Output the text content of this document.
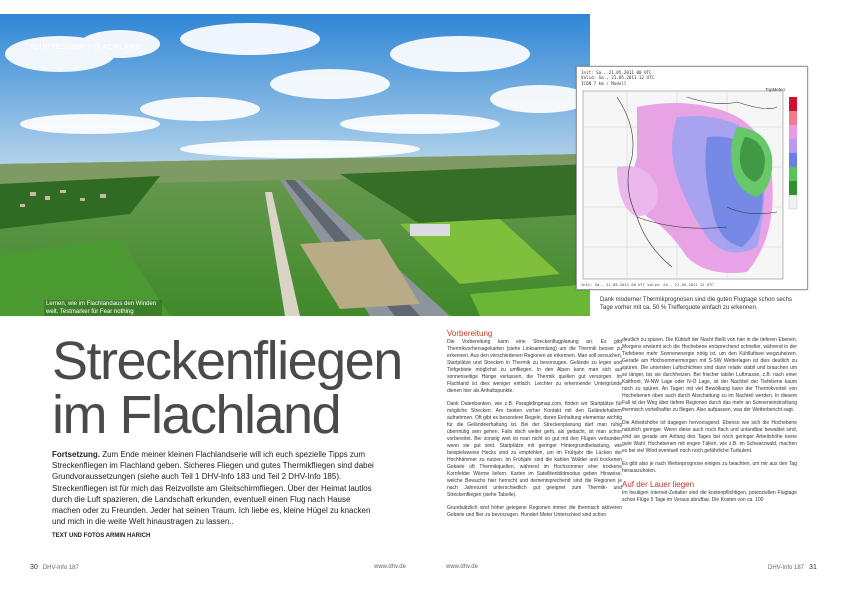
FLUGTECHNIK | FLACHLAND
Lernen, wie im Flachlandaus den Winden welt. Testmarker für Fear nothing
Init: Sa., 21.05.2011 00 UTC
Valid: Sa., 21.05.2011 12 UTC
ICON 7 km / Modell
TopMeteo
Init: Sa., 21.05.2011 00 UTC Valid: So., 21.05.2011 12 UTC
Dank moderner Thermikprognosen sind die guten Flugtage schon sechs Tage vorher mit ca. 50 % Trefferquote einfach zu erkennen.
Streckenfliegen
im Flachland

Fortsetzung. Zum Ende meiner kleinen Flachlandserie will ich euch spezielle Tipps zum Streckenfliegen im Flachland geben. Sicheres Fliegen und gutes Thermikfliegen sind dabei Grundvoraussetzungen (siehe auch Teil 1 DHV-Info 183 und Teil 2 DHV-Info 185). Streckenfliegen ist für mich das Reizvollste am Gleitschirmfliegen. Über der Heimat lautlos durch die Luft spazieren, die Landschaft erkunden, eventuell einen Flug nach Hause machen oder zu Freunden. Jeder hat seinen Traum. Ich liebe es, kleine Hügel zu knacken und mich in die weite Welt hinaustragen zu lassen..

TEXT UND FOTOS ARMIN HARICH
Vorbereitung

Die Vorbereitung kann eine Streckenflugplanung an. Es gibt Thermikvorhersagekarten (siehe Linksammlung) um die Thermik besser zu erkennen. Aus den verschiedenen Regionen an erkennen. Man soll versuchen, Startplätze und Strecken in Thermik zu bevorzugen. Gelände zu legen und Tiefgebiete möglichst zu umfliegen. In den Alpen kann man sich auf sonnenseitige Hänge verlassen, die Thermik quellen gut versorgen. Im Flachland ist dies weniger einfach. Leichter zu erkennende Untergründe dienen hier als Anhaltspunkte.

Dank Datenbanken, wie z.B. Paraglidingmap.com, finden wir Startplätze für mögliche Strecken. Am besten vorher Kontakt mit den Geländehaltern aufnehmen. Oft gibt es besondere Regeln, deren Einhaltung elementar wichtig für die Geländeerhaltung ist. Bei der Streckenplanung darf man ruhig übermütig sein gehen. Falls doch weiter geht, als gedacht, ist man schon vorbereitet. Bei sonstig weit ist man nicht so gut mit den Flügen verbunden wenn sie gut sind. Startplätze mit geringer Hintergrundbelastung, wie beispielsweise Hecks sind zu empfehlen, um im Frühjahr die Lücken der Hochhämmer zu nutzen. Im Frühjahr sind die kahlen Wälder und trockenen Gebiete oft Thermikquellen, während im Hochsommer eher trockene Kornfelder Wärme liefern. Karten im Satellitenbildmodus geben Hinweise, welche Bewuchs hier herrscht und dementsprechend sind die Regionen je nach Jahreszeit unterschiedlich gut geeignet zum Thermik- und Streckenfliegen (siehe Tabelle).

Grundsätzlich sind höher gelegene Regionen immer die thermisch aktiveren Gebiete und flier zu bevorzugen. Hundert Meter Unterschied sind schon

deutlich zu spüren. Die Kühluft der Nacht fließt von hier in die tieferen Ebenen. Morgens erwärmt sich die Hochebene entsprechend schneller, während in der Tiefebene mehr Sonnenenergie nötig ist, um den Kühlluftsee wegzuheizen. Gerade am Hochsommermorgen mit S-SW Wetterlagen ist dies deutlich zu spüren. Die untersten Luftschichten sind dann relativ stabil und brauchen um so länger, bis sie durchheizen. Bei frischer labiler Luftmasse, z.B. nach einer Kaltfront, W-NW Lage oder N-O Lage, ist der Nachteil der Tiefebene kaum noch zu spüren. An Tagen mit viel Bewölkung kann der Thermikvorteil von Hochebenen oben auch durch Abschattung zu im Nachteil werden. In diesem Fall ist der Weg über tiefere Regionen durch das mehr an Sonneneinstrahlung thermisch vorteilhafter zu fliegen. Also aufpassen, was der Wetterbericht sagt.

Die Arbeitshöhe ist dagegen hervorragend. Ebenso wie sich die Hochebene natürlich geringer. Wenn diese auch noch flach und unlandbar bewaldet sind, sind sie gerade am Anfang des Tages bei noch geringer Arbeitshöhe keine gute Wahl. Hochebenen mit engen Tälern, wie z.B. im Schwarzwald, machen es bei viel Wind eventuell noch noch gefährliche Turbulent.

Es gibt also je nach Wetterprognose einiges zu beachten, um mir aus den Tag herauszuholen.

Auf der Lauer liegen

Im heutigen Internet-Zeitalter sind die kostenpflichtigen, potenziellen Flugtage schon Flüge 5 Tage im Voraus abrufbar. Die Kosten von ca. 100

30 DHV-Info 187	www.dhv.de	www.dhv.de	DHV-Info 187 31
